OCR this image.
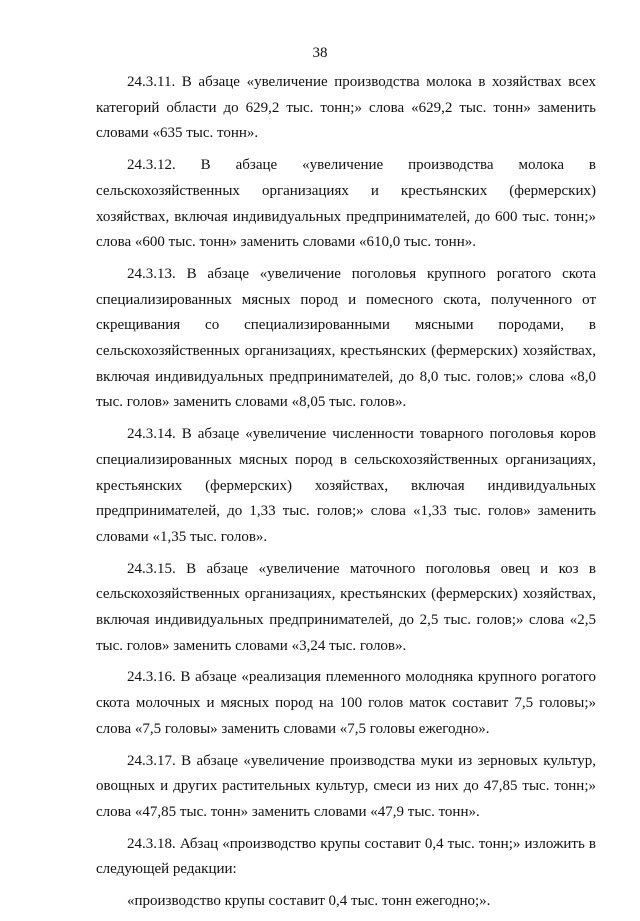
38

24.3.11. В абзаце «увеличение производства молока в хозяйствах всех категорий области до 629,2 тыс. тонн;» слова «629,2 тыс. тонн» заменить словами «635 тыс. тонн».

24.3.12. В абзаце «увеличение производства молока в сельскохозяйственных организациях и крестьянских (фермерских) хозяйствах, включая индивидуальных предпринимателей, до 600 тыс. тонн;» слова «600 тыс. тонн» заменить словами «610,0 тыс. тонн».

24.3.13. В абзаце «увеличение поголовья крупного рогатого скота специализированных мясных пород и помесного скота, полученного от скрещивания со специализированными мясными породами, в сельскохозяйственных организациях, крестьянских (фермерских) хозяйствах, включая индивидуальных предпринимателей, до 8,0 тыс. голов;» слова «8,0 тыс. голов» заменить словами «8,05 тыс. голов».

24.3.14. В абзаце «увеличение численности товарного поголовья коров специализированных мясных пород в сельскохозяйственных организациях, крестьянских (фермерских) хозяйствах, включая индивидуальных предпринимателей, до 1,33 тыс. голов;» слова «1,33 тыс. голов» заменить словами «1,35 тыс. голов».

24.3.15. В абзаце «увеличение маточного поголовья овец и коз в сельскохозяйственных организациях, крестьянских (фермерских) хозяйствах, включая индивидуальных предпринимателей, до 2,5 тыс. голов;» слова «2,5 тыс. голов» заменить словами «3,24 тыс. голов».

24.3.16. В абзаце «реализация племенного молодняка крупного рогатого скота молочных и мясных пород на 100 голов маток составит 7,5 головы;» слова «7,5 головы» заменить словами «7,5 головы ежегодно».

24.3.17. В абзаце «увеличение производства муки из зерновых культур, овощных и других растительных культур, смеси из них до 47,85 тыс. тонн;» слова «47,85 тыс. тонн» заменить словами «47,9 тыс. тонн».

24.3.18. Абзац «производство крупы составит 0,4 тыс. тонн;» изложить в следующей редакции:

«производство крупы составит 0,4 тыс. тонн ежегодно;».
